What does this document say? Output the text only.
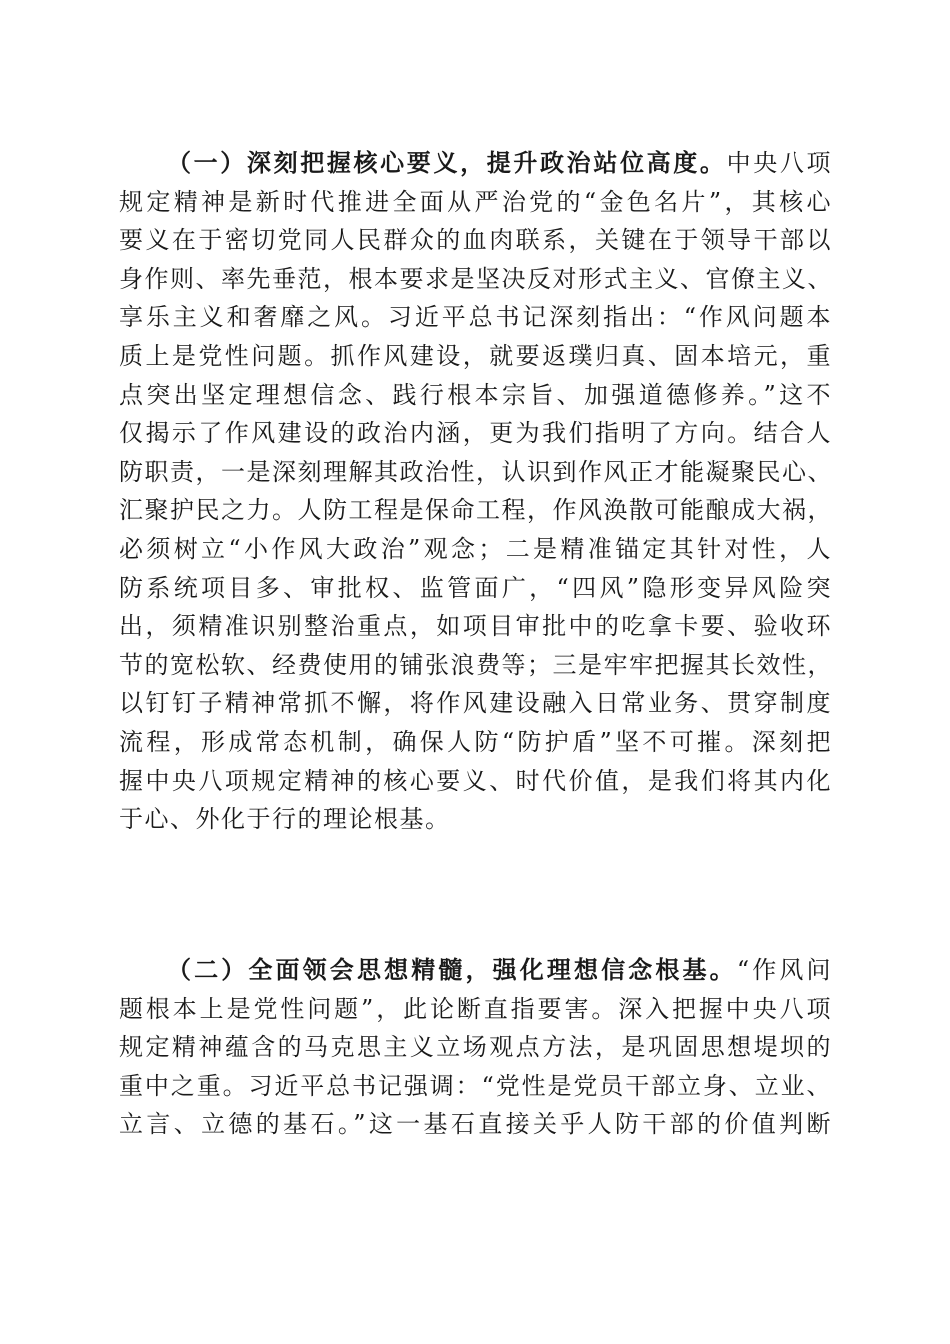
（一）深刻把握核心要义，提升政治站位高度。中央八项
规定精神是新时代推进全面从严治党的“金色名片”，其核心
要义在于密切党同人民群众的血肉联系，关键在于领导干部以
身作则、率先垂范，根本要求是坚决反对形式主义、官僚主义、
享乐主义和奢靡之风。习近平总书记深刻指出：“作风问题本
质上是党性问题。抓作风建设，就要返璞归真、固本培元，重
点突出坚定理想信念、践行根本宗旨、加强道德修养。”这不
仅揭示了作风建设的政治内涵，更为我们指明了方向。结合人
防职责，一是深刻理解其政治性，认识到作风正才能凝聚民心、
汇聚护民之力。人防工程是保命工程，作风涣散可能酿成大祸，
必须树立“小作风大政治”观念；二是精准锚定其针对性，人
防系统项目多、审批权、监管面广，“四风”隐形变异风险突
出，须精准识别整治重点，如项目审批中的吃拿卡要、验收环
节的宽松软、经费使用的铺张浪费等；三是牢牢把握其长效性，
以钉钉子精神常抓不懈，将作风建设融入日常业务、贯穿制度
流程，形成常态机制，确保人防“防护盾”坚不可摧。深刻把
握中央八项规定精神的核心要义、时代价值，是我们将其内化
于心、外化于行的理论根基。
（二）全面领会思想精髓，强化理想信念根基。“作风问
题根本上是党性问题”，此论断直指要害。深入把握中央八项
规定精神蕴含的马克思主义立场观点方法，是巩固思想堤坝的
重中之重。习近平总书记强调：“党性是党员干部立身、立业、
立言、立德的基石。”这一基石直接关乎人防干部的价值判断
